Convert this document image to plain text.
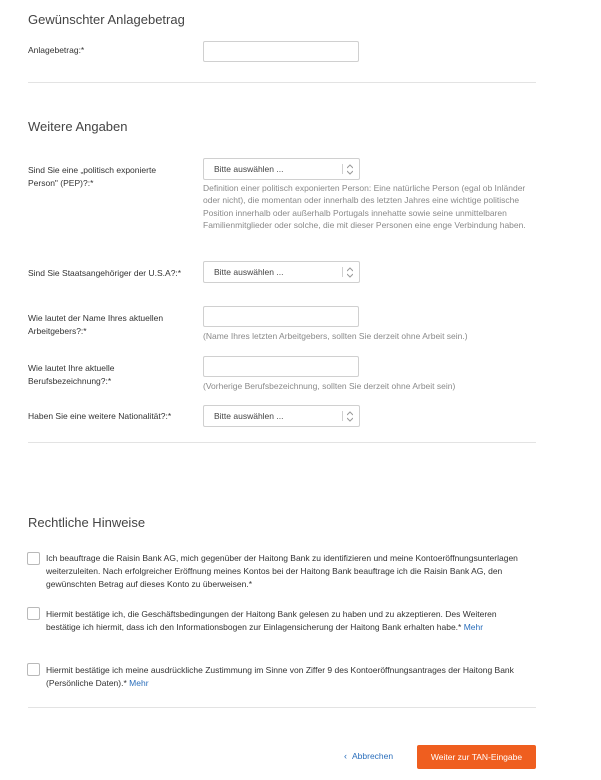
Gewünschter Anlagebetrag
Anlagebetrag:*
Weitere Angaben
Sind Sie eine „politisch exponierte Person" (PEP)?:*
Bitte auswählen ...
Definition einer politisch exponierten Person: Eine natürliche Person (egal ob Inländer oder nicht), die momentan oder innerhalb des letzten Jahres eine wichtige politische Position innerhalb oder außerhalb Portugals innehatte sowie seine unmittelbaren Familienmitglieder oder solche, die mit dieser Personen eine enge Verbindung haben.
Sind Sie Staatsangehöriger der U.S.A?:*	Bitte auswählen ...
Wie lautet der Name Ihres aktuellen Arbeitgebers?:*
(Name Ihres letzten Arbeitgebers, sollten Sie derzeit ohne Arbeit sein.)
Wie lautet Ihre aktuelle Berufsbezeichnung?:*
(Vorherige Berufsbezeichnung, sollten Sie derzeit ohne Arbeit sein)
Haben Sie eine weitere Nationalität?:*	Bitte auswählen ...
Rechtliche Hinweise
Ich beauftrage die Raisin Bank AG, mich gegenüber der Haitong Bank zu identifizieren und meine Kontoeröffnungsunterlagen weiterzuleiten. Nach erfolgreicher Eröffnung meines Kontos bei der Haitong Bank beauftrage ich die Raisin Bank AG, den gewünschten Betrag auf dieses Konto zu überweisen.*
Hiermit bestätige ich, die Geschäftsbedingungen der Haitong Bank gelesen zu haben und zu akzeptieren. Des Weiteren bestätige ich hiermit, dass ich den Informationsbogen zur Einlagensicherung der Haitong Bank erhalten habe.* Mehr
Hiermit bestätige ich meine ausdrückliche Zustimmung im Sinne von Ziffer 9 des Kontoeröffnungsantrages der Haitong Bank (Persönliche Daten).* Mehr
‹ Abbrechen	Weiter zur TAN-Eingabe
